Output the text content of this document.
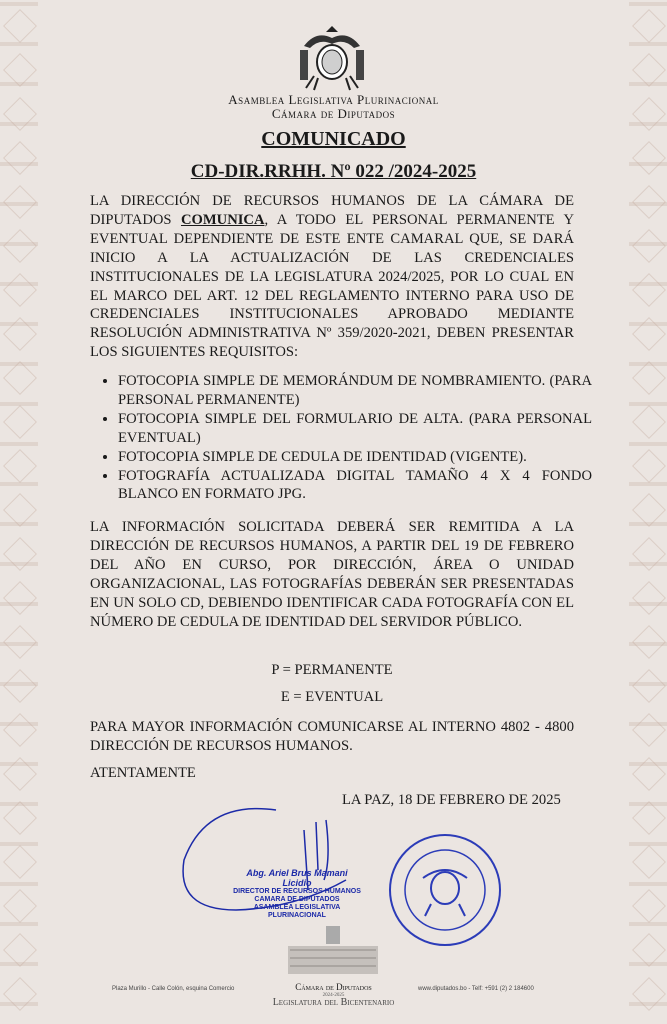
Asamblea Legislativa Plurinacional
Cámara de Diputados
COMUNICADO
CD-DIR.RRHH. Nº 022 /2024-2025
LA DIRECCIÓN DE RECURSOS HUMANOS DE LA CÁMARA DE DIPUTADOS COMUNICA, A TODO EL PERSONAL PERMANENTE Y EVENTUAL DEPENDIENTE DE ESTE ENTE CAMARAL QUE, SE DARÁ INICIO A LA ACTUALIZACIÓN DE LAS CREDENCIALES INSTITUCIONALES DE LA LEGISLATURA 2024/2025, POR LO CUAL EN EL MARCO DEL ART. 12 DEL REGLAMENTO INTERNO PARA USO DE CREDENCIALES INSTITUCIONALES APROBADO MEDIANTE RESOLUCIÓN ADMINISTRATIVA Nº 359/2020-2021, DEBEN PRESENTAR LOS SIGUIENTES REQUISITOS:
• FOTOCOPIA SIMPLE DE MEMORÁNDUM DE NOMBRAMIENTO. (PARA PERSONAL PERMANENTE)
• FOTOCOPIA SIMPLE DEL FORMULARIO DE ALTA. (PARA PERSONAL EVENTUAL)
• FOTOCOPIA SIMPLE DE CEDULA DE IDENTIDAD (VIGENTE).
• FOTOGRAFÍA ACTUALIZADA DIGITAL TAMAÑO 4 X 4 FONDO BLANCO EN FORMATO JPG.
LA INFORMACIÓN SOLICITADA DEBERÁ SER REMITIDA A LA DIRECCIÓN DE RECURSOS HUMANOS, A PARTIR DEL 19 DE FEBRERO DEL AÑO EN CURSO, POR DIRECCIÓN, ÁREA O UNIDAD ORGANIZACIONAL, LAS FOTOGRAFÍAS DEBERÁN SER PRESENTADAS EN UN SOLO CD, DEBIENDO IDENTIFICAR CADA FOTOGRAFÍA CON EL NÚMERO DE CEDULA DE IDENTIDAD DEL SERVIDOR PÚBLICO.
P = PERMANENTE
E = EVENTUAL
PARA MAYOR INFORMACIÓN COMUNICARSE AL INTERNO 4802 - 4800 DIRECCIÓN DE RECURSOS HUMANOS.
ATENTAMENTE
LA PAZ, 18 DE FEBRERO DE 2025
Abg. Ariel Brus Mamani Licidio
DIRECTOR DE RECURSOS HUMANOS
CAMARA DE DIPUTADOS
ASAMBLEA LEGISLATIVA PLURINACIONAL
Plaza Murillo - Calle Colón, esquina Comercio	www.diputados.bo - Telf: +591 (2) 2 184600
Cámara de Diputados
2024-2025
Legislatura del Bicentenario
